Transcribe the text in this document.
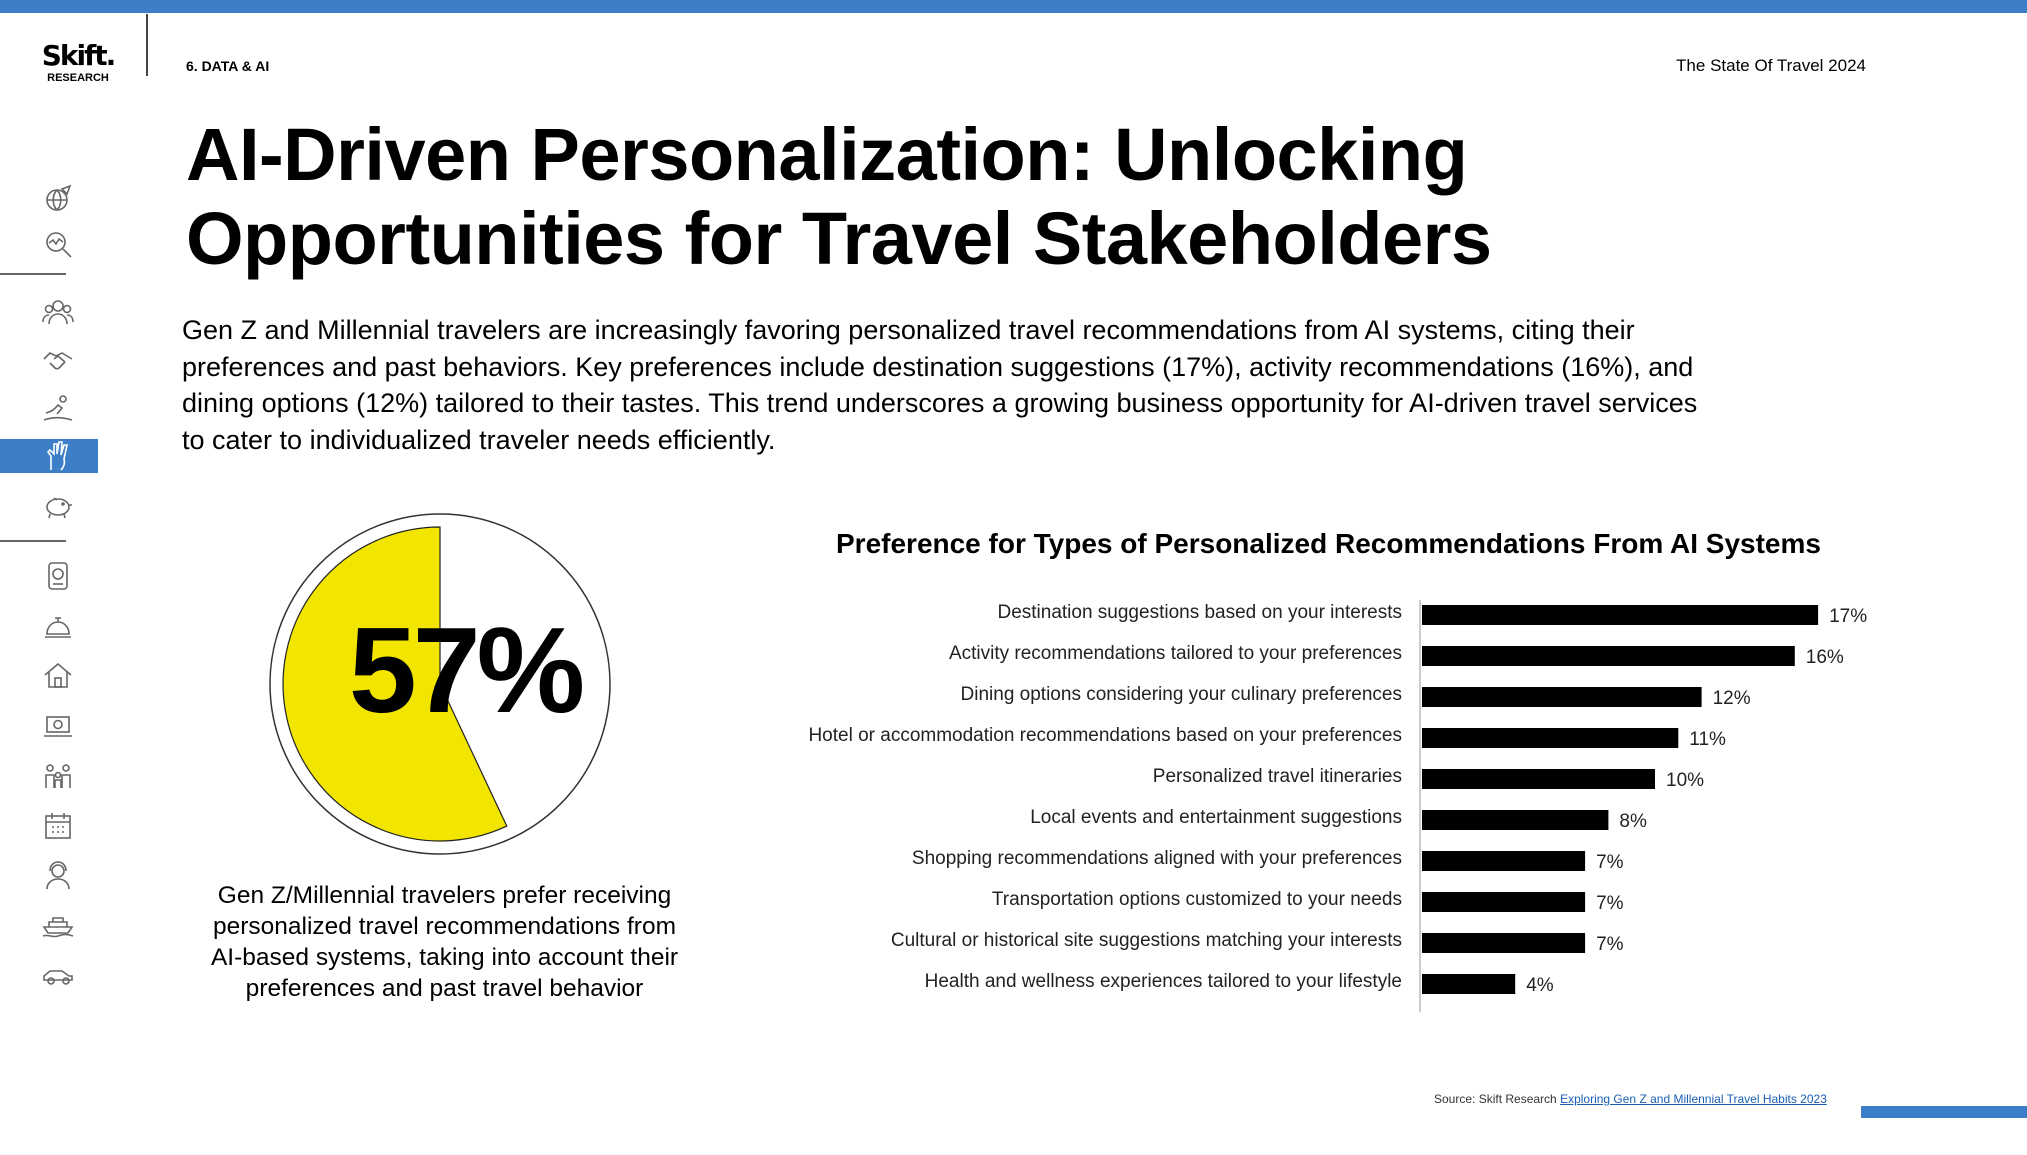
Skift.
RESEARCH
6. DATA & AI	The State Of Travel 2024
AI-Driven Personalization: Unlocking
Opportunities for Travel Stakeholders
Gen Z and Millennial travelers are increasingly favoring personalized travel recommendations from AI systems, citing their
preferences and past behaviors. Key preferences include destination suggestions (17%), activity recommendations (16%), and
dining options (12%) tailored to their tastes. This trend underscores a growing business opportunity for AI-driven travel services
to cater to individualized traveler needs efficiently.
57%
Gen Z/Millennial travelers prefer receiving
personalized travel recommendations from
AI-based systems, taking into account their
preferences and past travel behavior
Preference for Types of Personalized Recommendations From AI Systems
Destination suggestions based on your interests	17%
Activity recommendations tailored to your preferences	16%
Dining options considering your culinary preferences	12%
Hotel or accommodation recommendations based on your preferences	11%
Personalized travel itineraries	10%
Local events and entertainment suggestions	8%
Shopping recommendations aligned with your preferences	7%
Transportation options customized to your needs	7%
Cultural or historical site suggestions matching your interests	7%
Health and wellness experiences tailored to your lifestyle	4%
Source: Skift Research Exploring Gen Z and Millennial Travel Habits 2023
